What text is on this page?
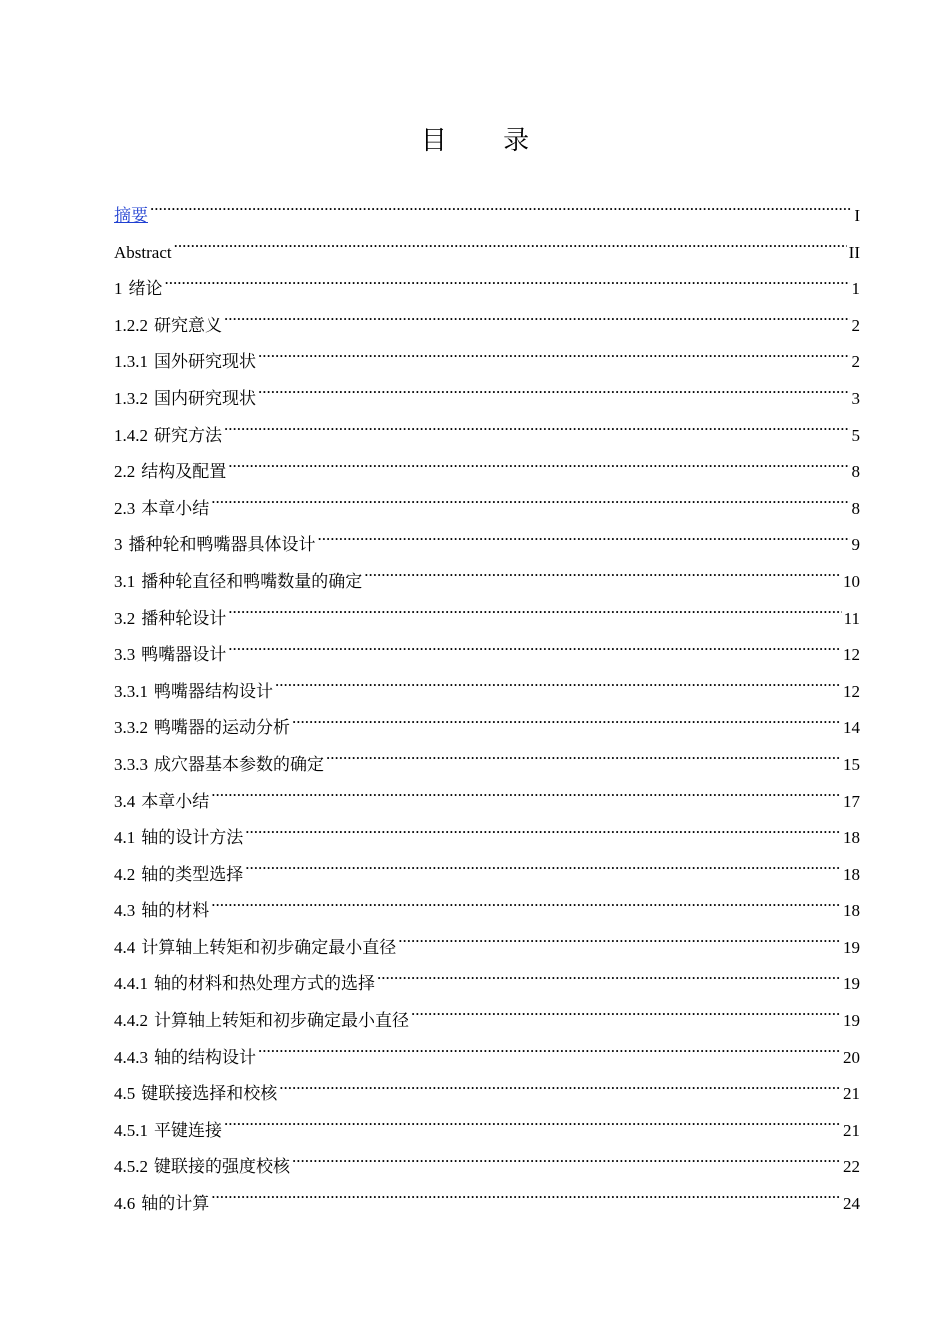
目 录
摘要 .....	I
Abstract .....	II
1 绪论 .....	1
1.2.2 研究意义 .....	2
1.3.1 国外研究现状 .....	2
1.3.2 国内研究现状 .....	3
1.4.2 研究方法 .....	5
2.2 结构及配置 .....	8
2.3 本章小结 .....	8
3 播种轮和鸭嘴器具体设计 .....	9
3.1 播种轮直径和鸭嘴数量的确定 .....	10
3.2 播种轮设计 .....	11
3.3 鸭嘴器设计 .....	12
3.3.1 鸭嘴器结构设计 .....	12
3.3.2 鸭嘴器的运动分析 .....	14
3.3.3 成穴器基本参数的确定 .....	15
3.4 本章小结 .....	17
4.1 轴的设计方法 .....	18
4.2 轴的类型选择 .....	18
4.3 轴的材料 .....	18
4.4 计算轴上转矩和初步确定最小直径 .....	19
4.4.1 轴的材料和热处理方式的选择 .....	19
4.4.2 计算轴上转矩和初步确定最小直径 .....	19
4.4.3 轴的结构设计 .....	20
4.5 键联接选择和校核 .....	21
4.5.1 平键连接 .....	21
4.5.2 键联接的强度校核 .....	22
4.6 轴的计算 .....	24
